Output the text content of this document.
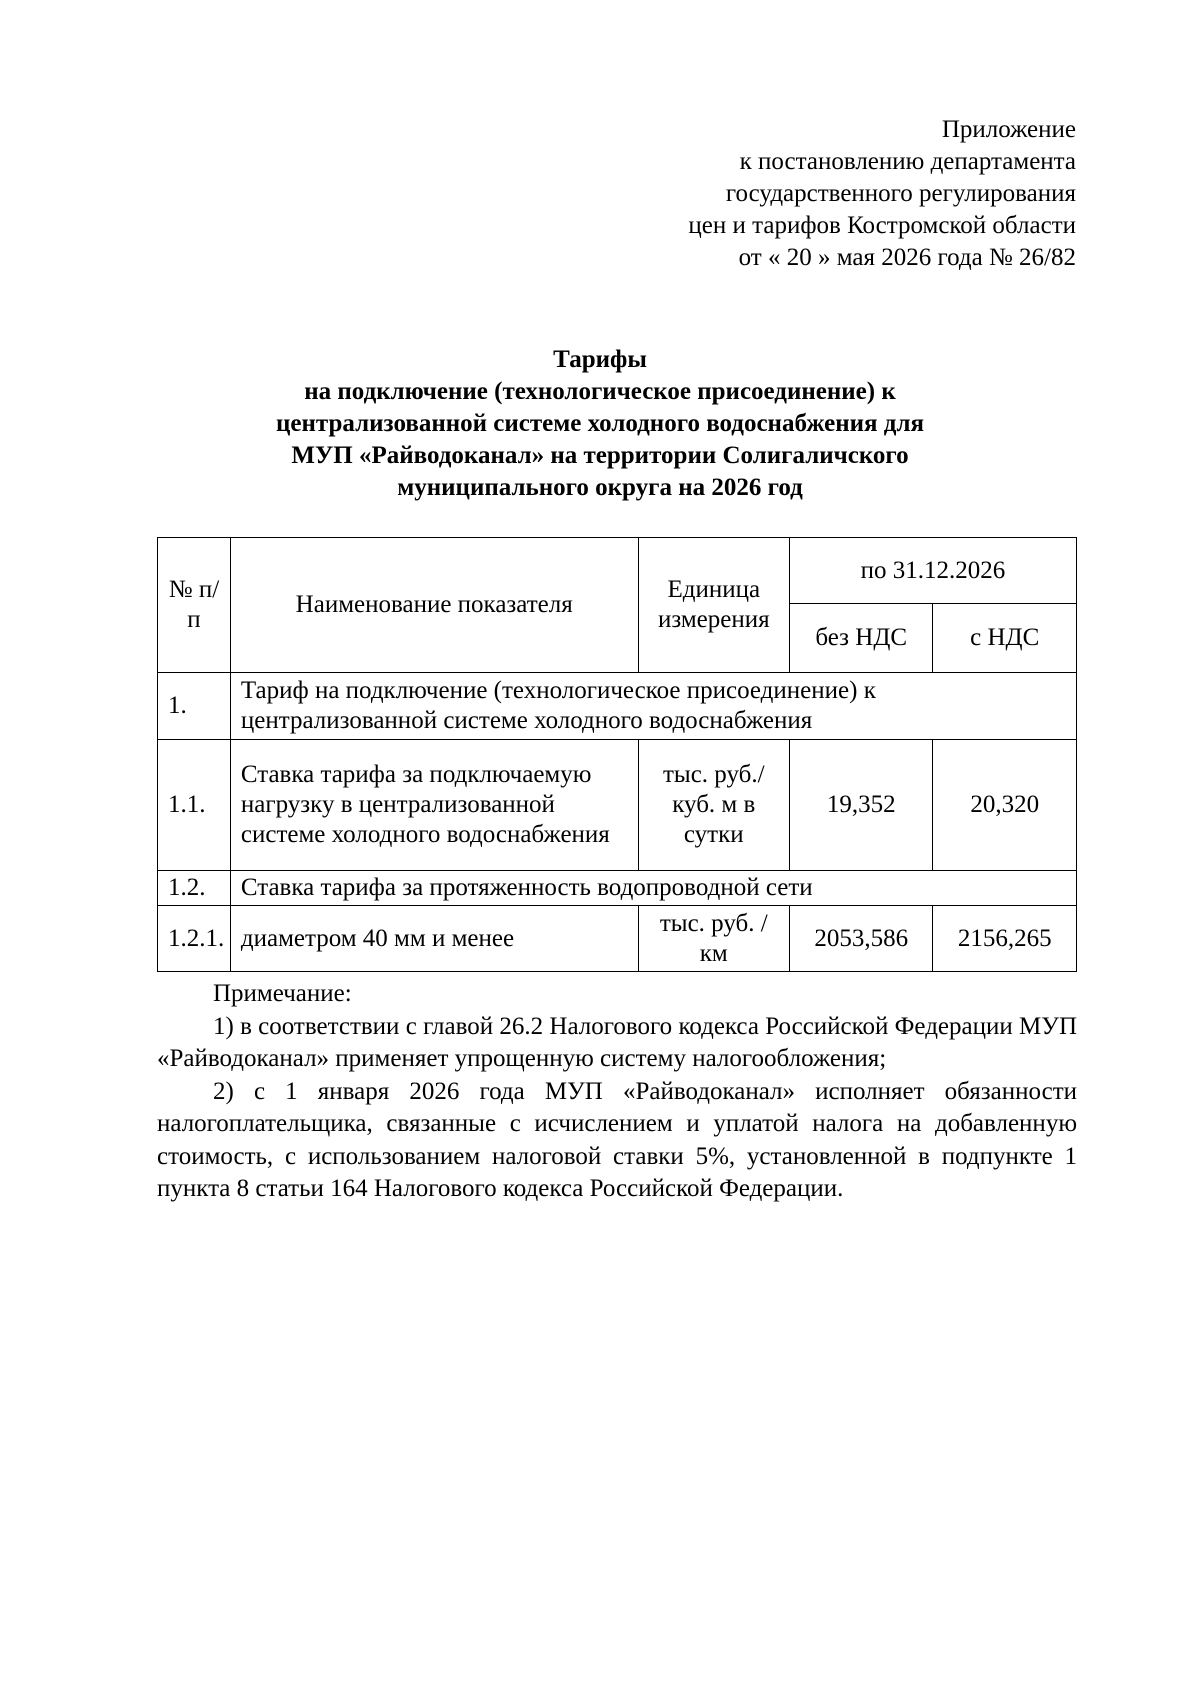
Приложение
к постановлению департамента
государственного регулирования
цен и тарифов Костромской области
от « 20 » мая 2026 года № 26/82
Тарифы
на подключение (технологическое присоединение) к
централизованной системе холодного водоснабжения для
МУП «Райводоканал» на территории Солигаличского
муниципального округа на 2026 год
№ п/п	Наименование показателя	Единица измерения	по 31.12.2026	
			без НДС	с НДС
1.	Тариф на подключение (технологическое присоединение) к централизованной системе холодного водоснабжения			
1.1.	Ставка тарифа за подключаемую нагрузку в централизованной системе холодного водоснабжения	тыс. руб./ куб. м в сутки	19,352	20,320
1.2.	Ставка тарифа за протяженность водопроводной сети			
1.2.1.	диаметром 40 мм и менее	тыс. руб. /км	2053,586	2156,265

Примечание:

1) в соответствии с главой 26.2 Налогового кодекса Российской Федерации МУП «Райводоканал» применяет упрощенную систему налогообложения;

2) с 1 января 2026 года МУП «Райводоканал» исполняет обязанности налогоплательщика, связанные с исчислением и уплатой налога на добавленную стоимость, с использованием налоговой ставки 5%, установленной в подпункте 1 пункта 8 статьи 164 Налогового кодекса Российской Федерации.
